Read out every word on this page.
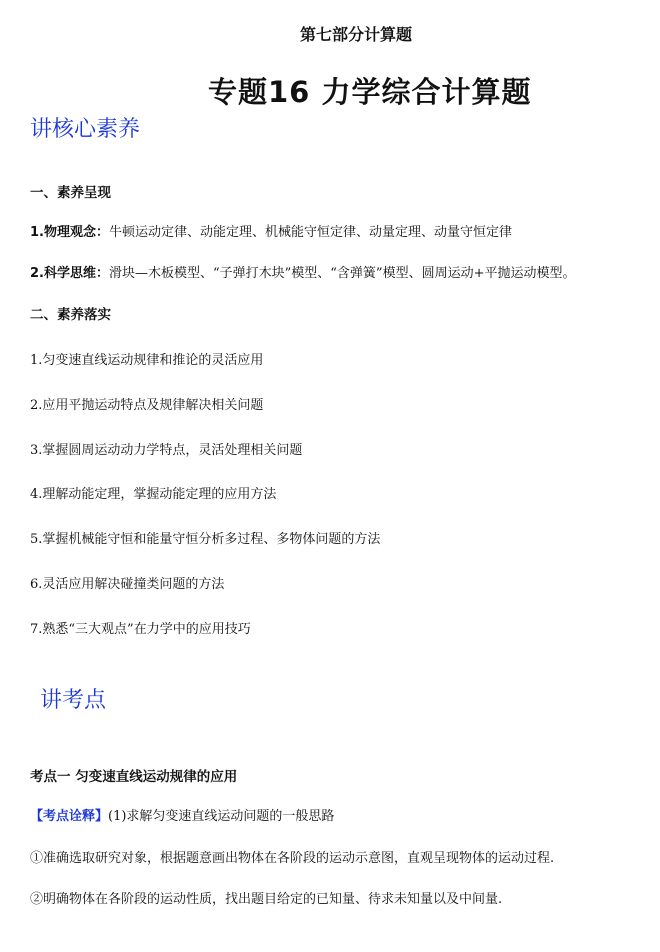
第七部分计算题
专题16 力学综合计算题
讲核心素养
一、素养呈现
1.物理观念：牛顿运动定律、动能定理、机械能守恒定律、动量定理、动量守恒定律
2.科学思维：滑块—木板模型、“子弹打木块”模型、“含弹簧”模型、圆周运动+平抛运动模型。
二、素养落实
1.匀变速直线运动规律和推论的灵活应用
2.应用平抛运动特点及规律解决相关问题
3.掌握圆周运动动力学特点，灵活处理相关问题
4.理解动能定理，掌握动能定理的应用方法
5.掌握机械能守恒和能量守恒分析多过程、多物体问题的方法
6.灵活应用解决碰撞类问题的方法
7.熟悉“三大观点”在力学中的应用技巧
讲考点
考点一 匀变速直线运动规律的应用
【考点诠释】(1)求解匀变速直线运动问题的一般思路
①准确选取研究对象，根据题意画出物体在各阶段的运动示意图，直观呈现物体的运动过程.
②明确物体在各阶段的运动性质，找出题目给定的已知量、待求未知量以及中间量.
